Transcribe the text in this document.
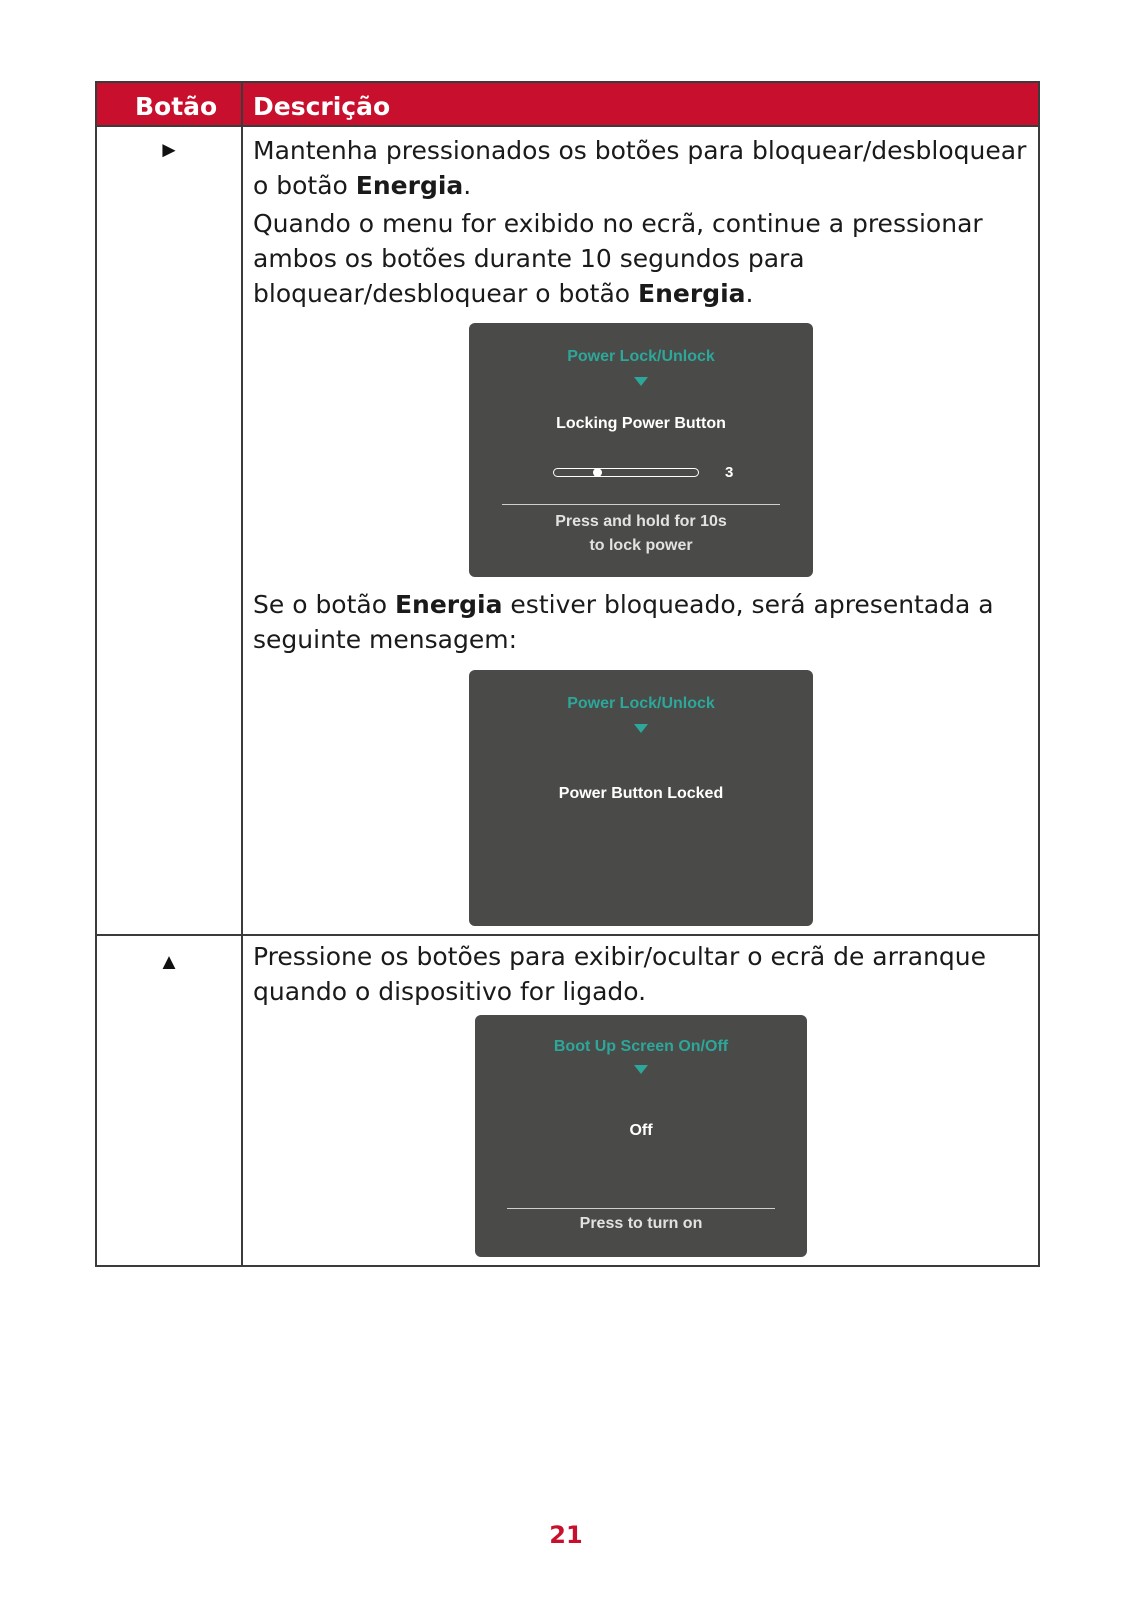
Botão Descrição
►	Mantenha pressionados os botões para bloquear/desbloquear o botão Energia.

Quando o menu for exibido no ecrã, continue a pressionar ambos os botões durante 10 segundos para bloquear/desbloquear o botão Energia.

Power Lock/Unlock
Locking Power Button
3
Press and hold for 10s
to lock power

Se o botão Energia estiver bloqueado, será apresentada a seguinte mensagem:

Power Lock/Unlock
Power Button Locked
▲	Pressione os botões para exibir/ocultar o ecrã de arranque quando o dispositivo for ligado.

Boot Up Screen On/Off
Off
Press to turn on
21
